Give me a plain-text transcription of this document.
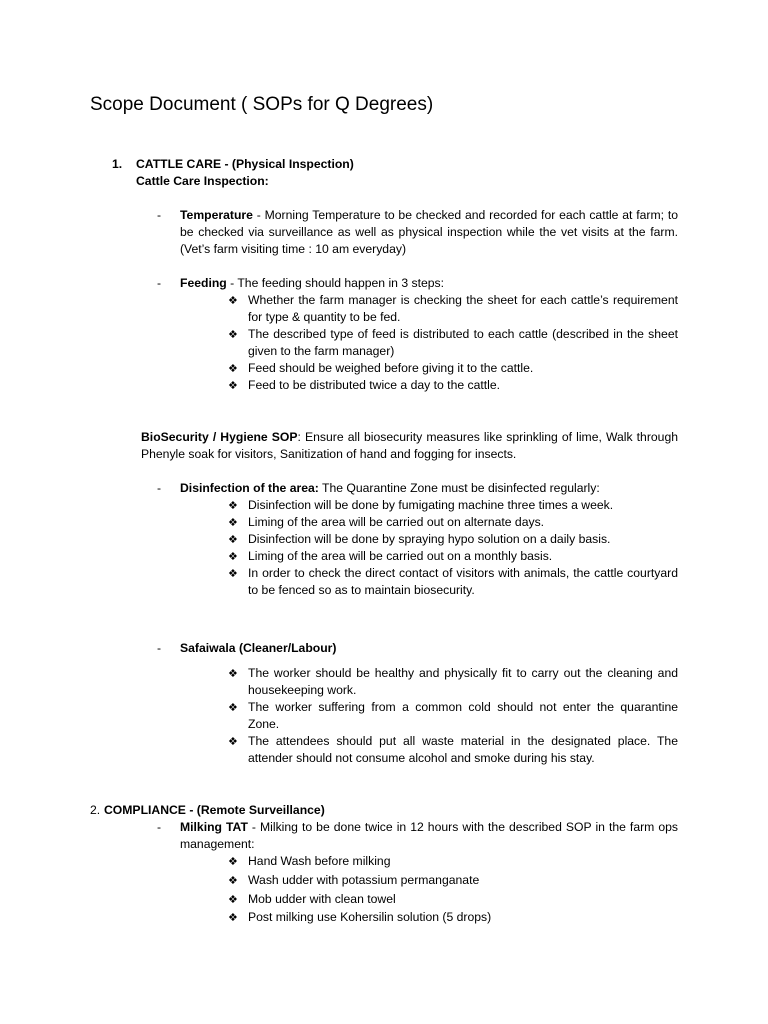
Scope Document ( SOPs for Q Degrees)
1. CATTLE CARE - (Physical Inspection)
Cattle Care Inspection:
- Temperature - Morning Temperature to be checked and recorded for each cattle at farm; to be checked via surveillance as well as physical inspection while the vet visits at the farm. (Vet’s farm visiting time : 10 am everyday)
- Feeding - The feeding should happen in 3 steps:
❖ Whether the farm manager is checking the sheet for each cattle’s requirement for type & quantity to be fed.
❖ The described type of feed is distributed to each cattle (described in the sheet given to the farm manager)
❖ Feed should be weighed before giving it to the cattle.
❖ Feed to be distributed twice a day to the cattle.
BioSecurity / Hygiene SOP: Ensure all biosecurity measures like sprinkling of lime, Walk through Phenyle soak for visitors, Sanitization of hand and fogging for insects.
- Disinfection of the area: The Quarantine Zone must be disinfected regularly:
❖ Disinfection will be done by fumigating machine three times a week.
❖ Liming of the area will be carried out on alternate days.
❖ Disinfection will be done by spraying hypo solution on a daily basis.
❖ Liming of the area will be carried out on a monthly basis.
❖ In order to check the direct contact of visitors with animals, the cattle courtyard to be fenced so as to maintain biosecurity.
- Safaiwala (Cleaner/Labour)
❖ The worker should be healthy and physically fit to carry out the cleaning and housekeeping work.
❖ The worker suffering from a common cold should not enter the quarantine Zone.
❖ The attendees should put all waste material in the designated place. The attender should not consume alcohol and smoke during his stay.
2. COMPLIANCE - (Remote Surveillance)
- Milking TAT - Milking to be done twice in 12 hours with the described SOP in the farm ops management:
❖ Hand Wash before milking
❖ Wash udder with potassium permanganate
❖ Mob udder with clean towel
❖ Post milking use Kohersilin solution (5 drops)
